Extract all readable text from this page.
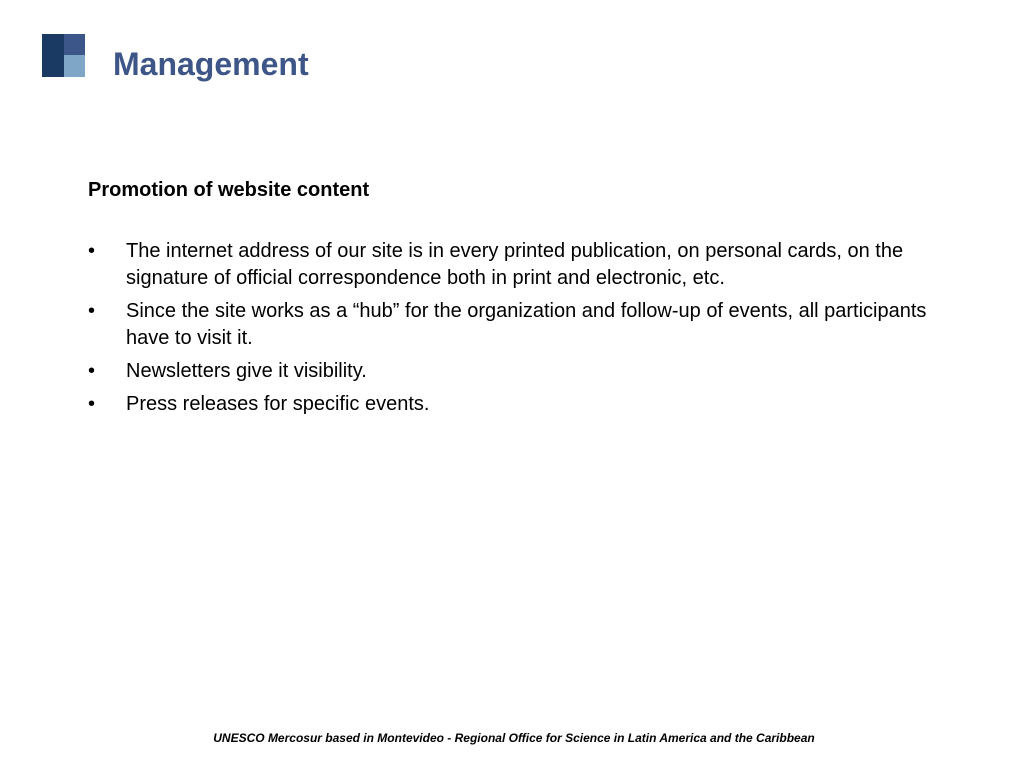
Management

Promotion of website content

• The internet address of our site is in every printed publication, on personal cards, on the signature of official correspondence both in print and electronic, etc.
• Since the site works as a “hub” for the organization and follow-up of events, all participants have to visit it.
• Newsletters give it visibility.
• Press releases for specific events.
UNESCO Mercosur based in Montevideo - Regional Office for Science in Latin America and the Caribbean
